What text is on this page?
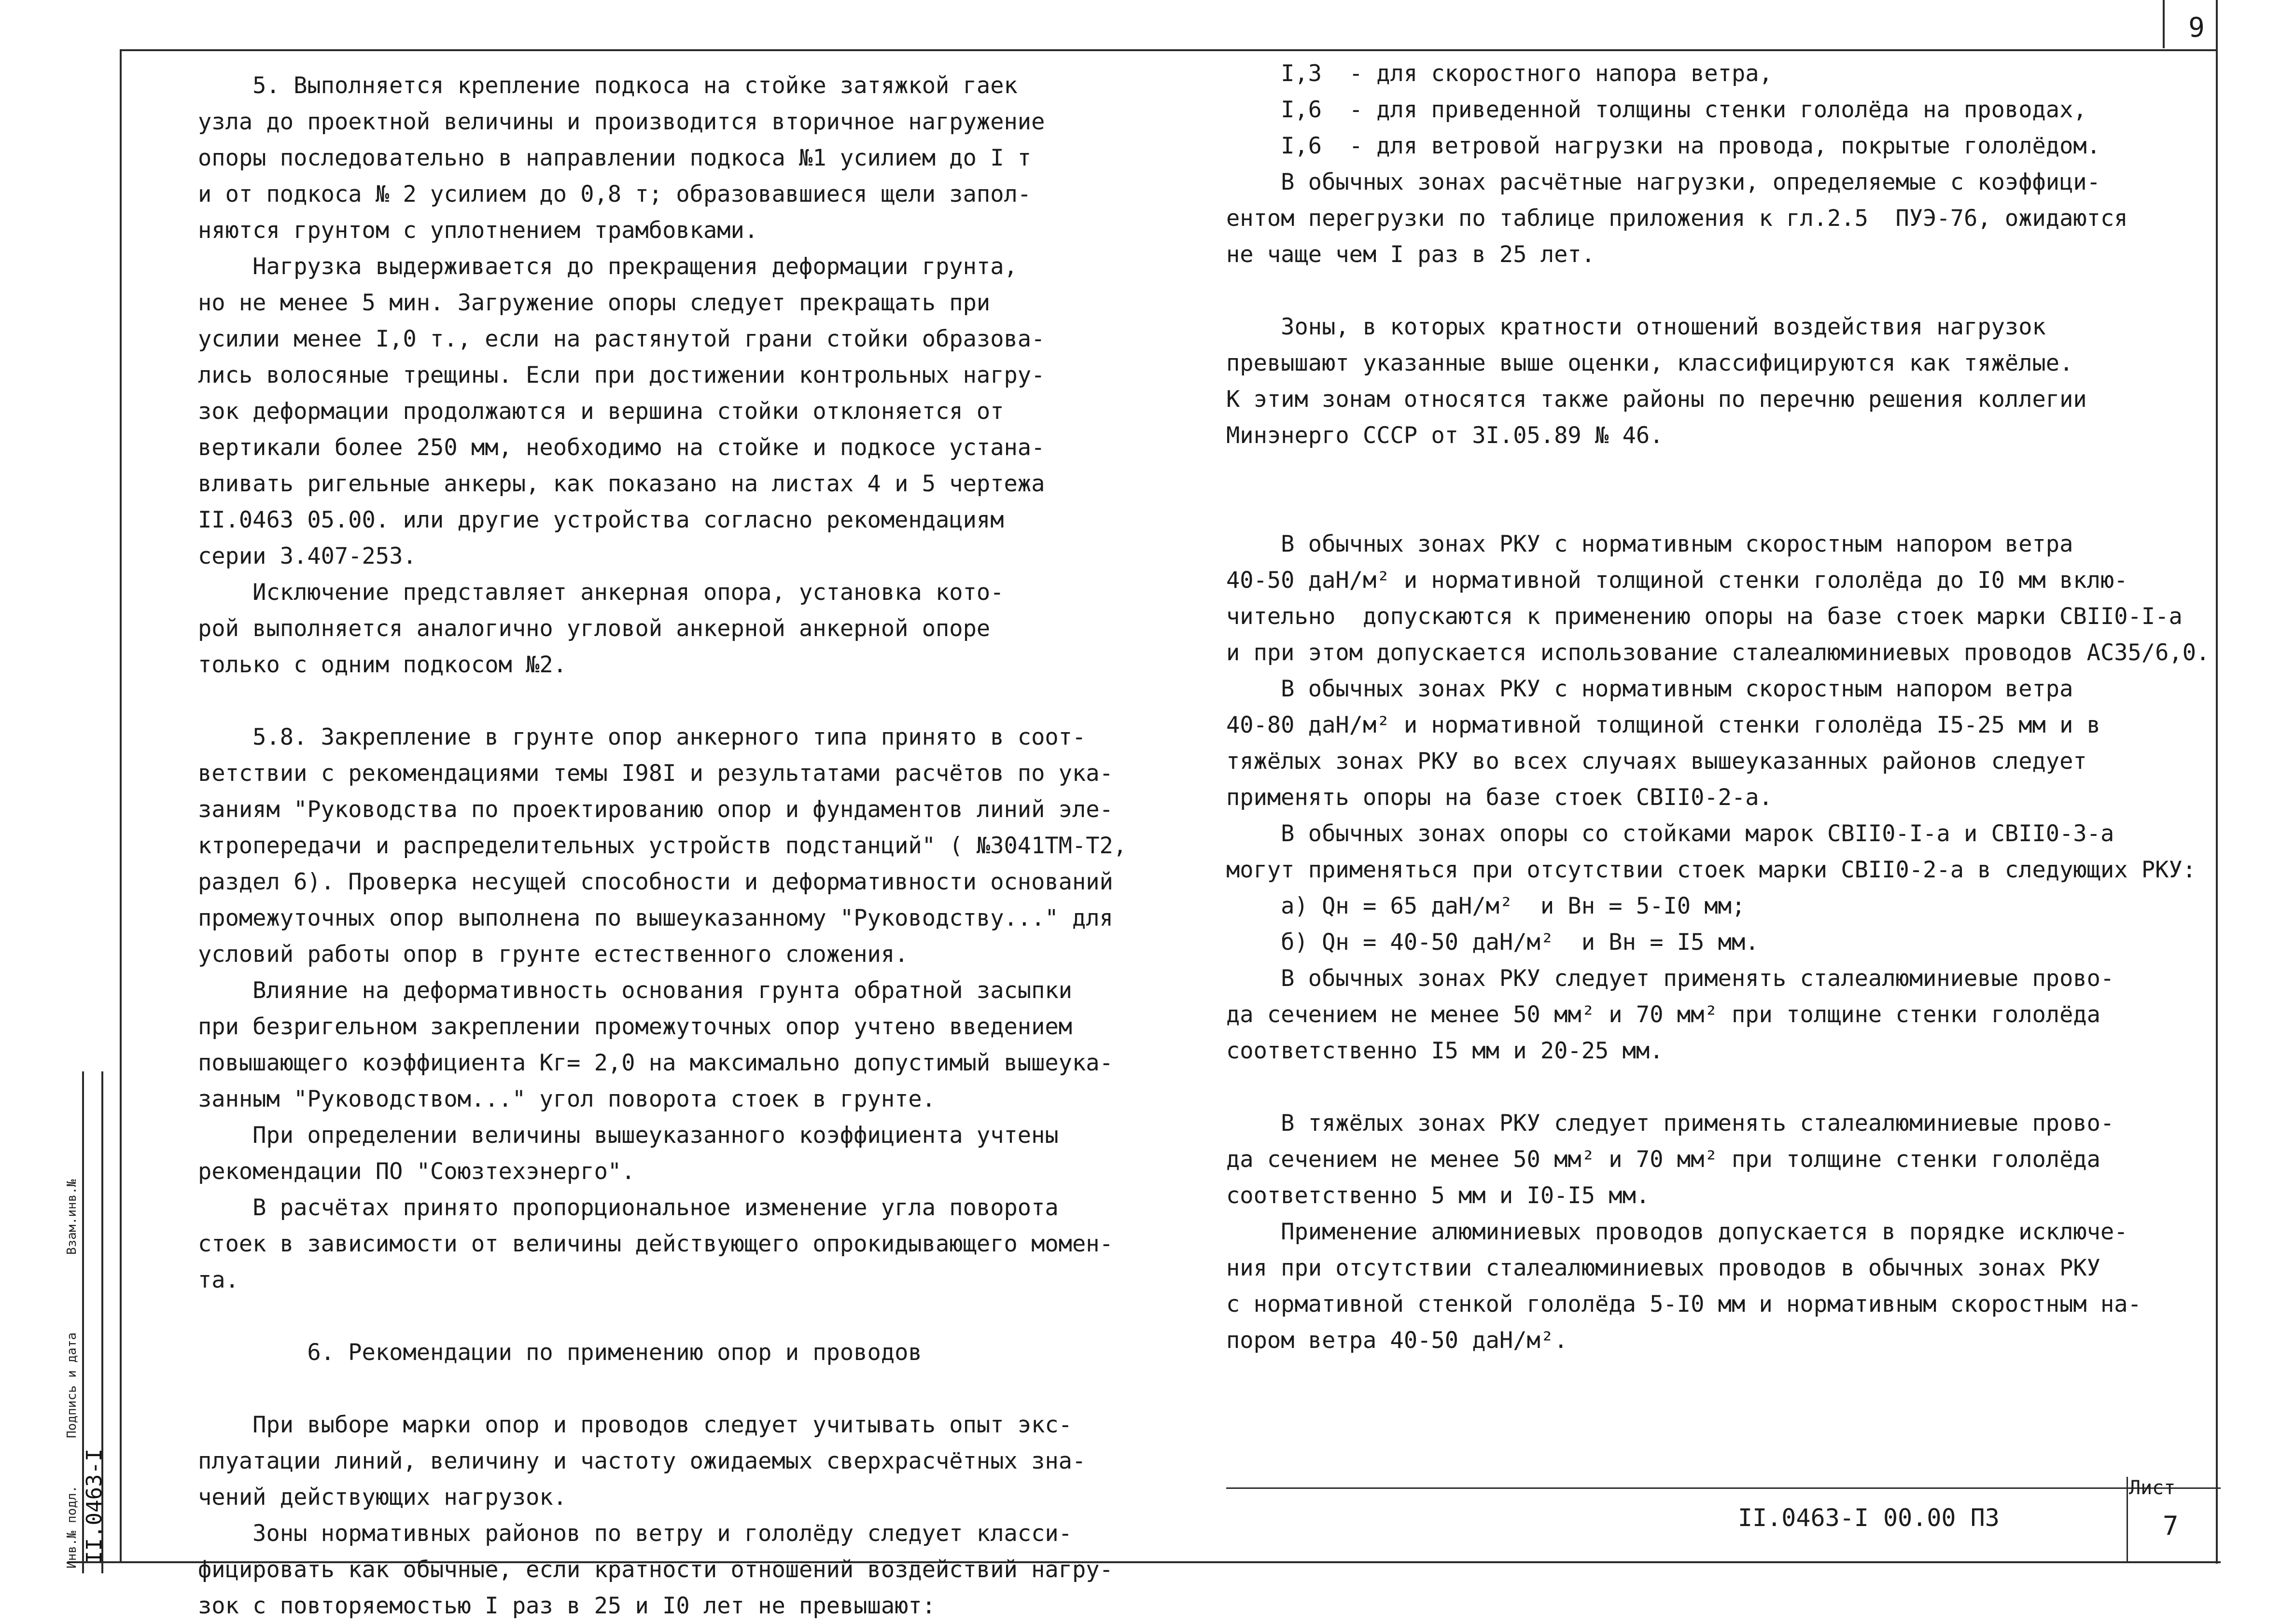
9

5. Выполняется крепление подкоса на стойке затяжкой гаек

узла до проектной величины и производится вторичное нагружение

опоры последовательно в направлении подкоса №1 усилием до I т

и от подкоса № 2 усилием до 0,8 т; образовавшиеся щели запол-

няются грунтом с уплотнением трамбовками.

Нагрузка выдерживается до прекращения деформации грунта,

но не менее 5 мин. Загружение опоры следует прекращать при

усилии менее I,0 т., если на растянутой грани стойки образова-

лись волосяные трещины. Если при достижении контрольных нагру-

зок деформации продолжаются и вершина стойки отклоняется от

вертикали более 250 мм, необходимо на стойке и подкосе устана-

вливать ригельные анкеры, как показано на листах 4 и 5 чертежа

II.0463 05.00. или другие устройства согласно рекомендациям

серии 3.407-253.

Исключение представляет анкерная опора, установка кото-

рой выполняется аналогично угловой анкерной анкерной опоре

только с одним подкосом №2.

5.8. Закрепление в грунте опор анкерного типа принято в соот-

ветствии с рекомендациями темы I98I и результатами расчётов по ука-

заниям "Руководства по проектированию опор и фундаментов линий эле-

ктропередачи и распределительных устройств подстанций" ( №3041ТМ-Т2,

раздел 6). Проверка несущей способности и деформативности оснований

промежуточных опор выполнена по вышеуказанному "Руководству..." для

условий работы опор в грунте естественного сложения.

Влияние на деформативность основания грунта обратной засыпки

при безригельном закреплении промежуточных опор учтено введением

повышающего коэффициента Кг= 2,0 на максимально допустимый вышеука-

занным "Руководством..." угол поворота стоек в грунте.

При определении величины вышеуказанного коэффициента учтены

рекомендации ПО "Союзтехэнерго".

В расчётах принято пропорциональное изменение угла поворота

стоек в зависимости от величины действующего опрокидывающего момен-

та.

6. Рекомендации по применению опор и проводов

При выборе марки опор и проводов следует учитывать опыт экс-

плуатации линий, величину и частоту ожидаемых сверхрасчётных зна-

чений действующих нагрузок.

Зоны нормативных районов по ветру и гололёду следует класси-

фицировать как обычные, если кратности отношений воздействий нагру-

зок с повторяемостью I раз в 25 и I0 лет не превышают:

I,3  - для скоростного напора ветра,

I,6  - для приведенной толщины стенки гололёда на проводах,

I,6  - для ветровой нагрузки на провода, покрытые гололёдом.

В обычных зонах расчётные нагрузки, определяемые с коэффици-

ентом перегрузки по таблице приложения к гл.2.5  ПУЭ-76, ожидаются

не чаще чем I раз в 25 лет.

Зоны, в которых кратности отношений воздействия нагрузок

превышают указанные выше оценки, классифицируются как тяжёлые.

К этим зонам относятся также районы по перечню решения коллегии

Минэнерго СССР от 3I.05.89 № 46.

В обычных зонах РКУ с нормативным скоростным напором ветра

40-50 даН/м² и нормативной толщиной стенки гололёда до I0 мм вклю-

чительно  допускаются к применению опоры на базе стоек марки СВII0-I-а

и при этом допускается использование сталеалюминиевых проводов АС35/6,0.

В обычных зонах РКУ с нормативным скоростным напором ветра

40-80 даН/м² и нормативной толщиной стенки гололёда I5-25 мм и в

тяжёлых зонах РКУ во всех случаях вышеуказанных районов следует

применять опоры на базе стоек СВII0-2-а.

В обычных зонах опоры со стойками марок СВII0-I-а и СВII0-3-а

могут применяться при отсутствии стоек марки СВII0-2-а в следующих РКУ:

а) Qн = 65 даН/м²  и Вн = 5-I0 мм;

б) Qн = 40-50 даН/м²  и Вн = I5 мм.

В обычных зонах РКУ следует применять сталеалюминиевые прово-

да сечением не менее 50 мм² и 70 мм² при толщине стенки гололёда

соответственно I5 мм и 20-25 мм.

В тяжёлых зонах РКУ следует применять сталеалюминиевые прово-

да сечением не менее 50 мм² и 70 мм² при толщине стенки гололёда

соответственно 5 мм и I0-I5 мм.

Применение алюминиевых проводов допускается в порядке исключе-

ния при отсутствии сталеалюминиевых проводов в обычных зонах РКУ

с нормативной стенкой гололёда 5-I0 мм и нормативным скоростным на-

пором ветра 40-50 даН/м².

Взам.инв.№
Подпись и дата
Инв.№ подл. II.0463-I	II.0463-I 00.00 ПЗ
Лист
7
